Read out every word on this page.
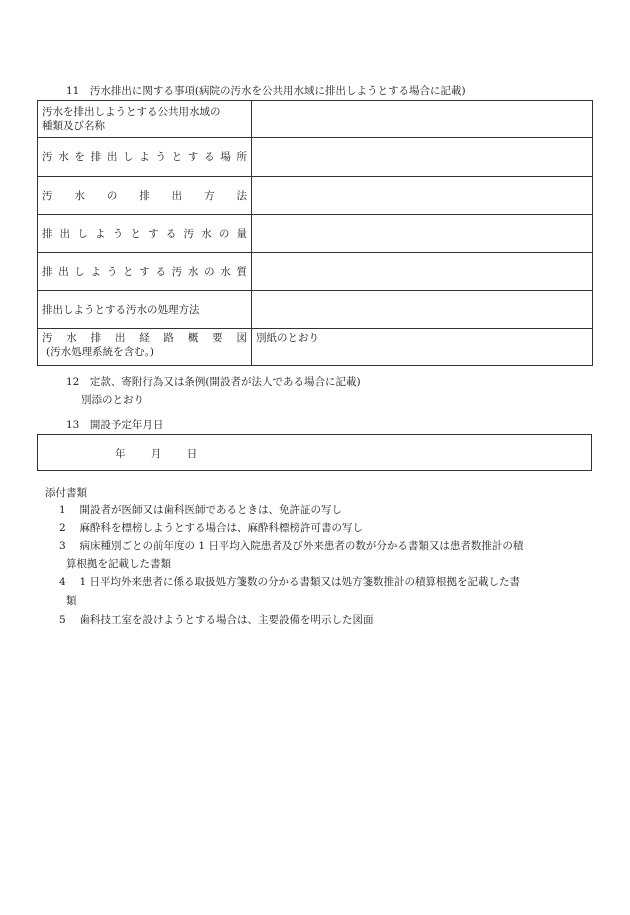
11　汚水排出に関する事項(病院の汚水を公共用水域に排出しようとする場合に記載)
汚水を排出しようとする公共用水域の
種類及び名称	

汚水を排出しようとする場所	

汚　水　の　排　出　方　法	

排出しようとする汚水の量	

排出しようとする汚水の水質	

排出しようとする汚水の処理方法	

汚　水　排　出　経　路　概　要　図
(汚水処理系統を含む。)	別紙のとおり
12　定款、寄附行為又は条例(開設者が法人である場合に記載)
別添のとおり
13　開設予定年月日
年 月 日
添付書類
1　 開設者が医師又は歯科医師であるときは、免許証の写し
2　 麻酔科を標榜しようとする場合は、麻酔科標榜許可書の写し
3　 病床種別ごとの前年度の 1 日平均入院患者及び外来患者の数が分かる書類又は患者数推計の積
算根拠を記載した書類
4　 1 日平均外来患者に係る取扱処方箋数の分かる書類又は処方箋数推計の積算根拠を記載した書
類
5　 歯科技工室を設けようとする場合は、主要設備を明示した図面
